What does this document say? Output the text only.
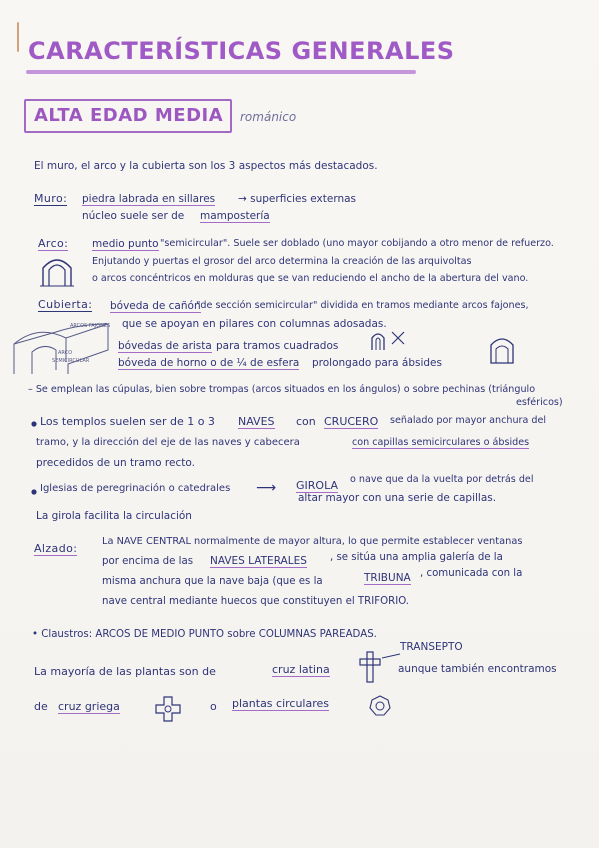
CARACTERÍSTICAS GENERALES
ALTA EDAD MEDIA románico
El muro, el arco y la cubierta son los 3 aspectos más destacados.
Muro: piedra labrada en sillares → superficies externas
núcleo suele ser de mampostería
Arco: medio punto "semicircular". Suele ser doblado (uno mayor cobijando a otro menor de refuerzo.
Enjutando y puertas el grosor del arco determina la creación de las arquivoltas
o arcos concéntricos en molduras que se van reduciendo el ancho de la abertura del vano.
Cubierta: bóveda de cañón
"de sección semicircular" dividida en tramos mediante arcos fajones,
que se apoyan en pilares con columnas adosadas.
bóvedas de arista para tramos cuadrados
bóveda de horno o de ¼ de esfera prolongado para ábsides
ARCOS FAJONES
ARCO
SEMICIRCULAR
– Se emplean las cúpulas, bien sobre trompas (arcos situados en los ángulos) o sobre pechinas (triángulo
esféricos)
Los templos suelen ser de 1 o 3 NAVES con CRUCERO señalado por mayor anchura del
tramo, y la dirección del eje de las naves y cabecera	con capillas semicirculares o ábsides
precedidos de un tramo recto.
Iglesias de peregrinación o catedrales ⟶ GIROLA o nave que da la vuelta por detrás del
altar mayor con una serie de capillas.
La girola facilita la circulación
Alzado:
La NAVE CENTRAL normalmente de mayor altura, lo que permite establecer ventanas
por encima de las NAVES LATERALES , se sitúa una amplia galería de la
misma anchura que la nave baja (que es la	TRIBUNA , comunicada con la
nave central mediante huecos que constituyen el TRIFORIO.
• Claustros: ARCOS DE MEDIO PUNTO sobre COLUMNAS PAREADAS.
TRANSEPTO
La mayoría de las plantas son de	cruz latina	aunque también encontramos
de cruz griega	o plantas circulares
